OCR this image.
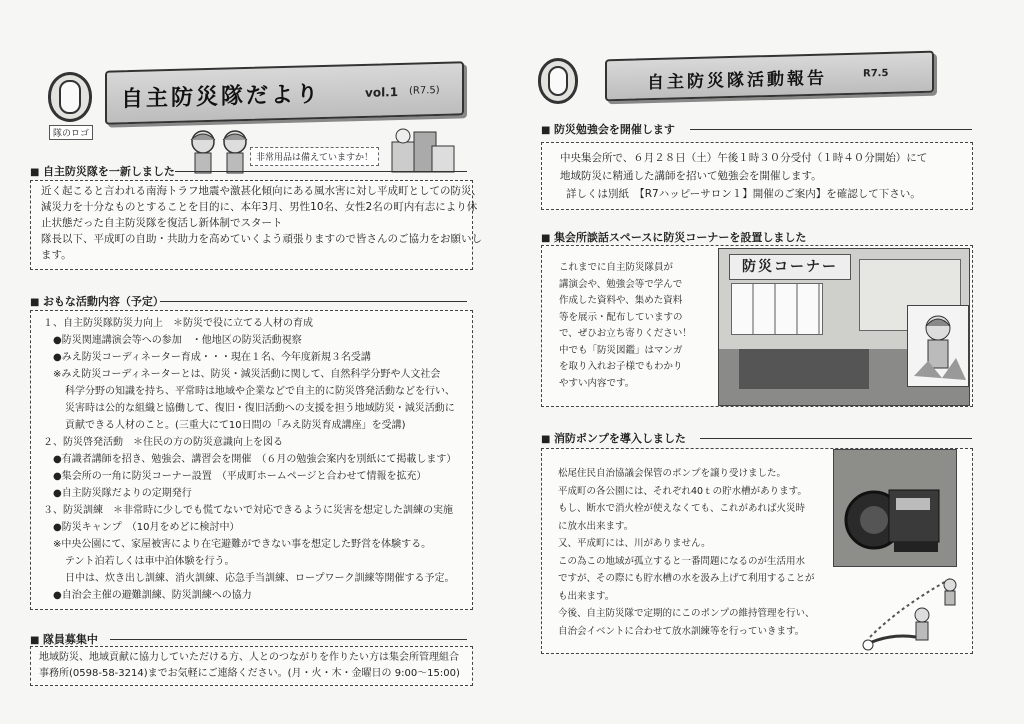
隊のロゴ
自主防災隊だより	vol.1 (R7.5)
非常用品は備えていますか！
■ 自主防災隊を一新しました
近く起こると言われる南海トラフ地震や激甚化傾向にある風水害に対し平成町としての防災、
減災力を十分なものとすることを目的に、本年3月、男性10名、女性2名の町内有志により休
止状態だった自主防災隊を復活し新体制でスタート
隊長以下、平成町の自助・共助力を高めていくよう頑張りますので皆さんのご協力をお願いし
ます。
■ おもな活動内容（予定）
１、自主防災隊防災力向上　＊防災で役に立てる人材の育成
●防災関連講演会等への参加　・他地区の防災活動視察
●みえ防災コーディネーター育成・・・現在１名、今年度新規３名受講
※みえ防災コーディネーターとは、防災・減災活動に関して、自然科学分野や人文社会
科学分野の知識を持ち、平常時は地域や企業などで自主的に防災啓発活動などを行い、
災害時は公的な組織と協働して、復旧・復旧活動への支援を担う地域防災・減災活動に
貢献できる人材のこと。(三重大にて10日間の「みえ防災育成講座」を受講)
２、防災啓発活動　＊住民の方の防災意識向上を図る
●有識者講師を招き、勉強会、講習会を開催　（６月の勉強会案内を別紙にて掲載します）
●集会所の一角に防災コーナー設置　（平成町ホームページと合わせて情報を拡充）
●自主防災隊だよりの定期発行
３、防災訓練　＊非常時に少しでも慌てないで対応できるように災害を想定した訓練の実施
●防災キャンプ　（10月をめどに検討中）
※中央公園にて、家屋被害により在宅避難ができない事を想定した野営を体験する。
テント泊若しくは車中泊体験を行う。
日中は、炊き出し訓練、消火訓練、応急手当訓練、ロープワーク訓練等開催する予定。
●自治会主催の避難訓練、防災訓練への協力
■ 隊員募集中
地域防災、地域貢献に協力していただける方、人とのつながりを作りたい方は集会所管理組合
事務所(0598-58-3214)までお気軽にご連絡ください。(月・火・木・金曜日の 9:00～15:00)
自主防災隊活動報告	R7.5
■ 防災勉強会を開催します
中央集会所で、６月２８日（土）午後１時３０分受付（１時４０分開始）にて
地域防災に精通した講師を招いて勉強会を開催します。
詳しくは別紙　【R7ハッピーサロン１】開催のご案内】を確認して下さい。
■ 集会所談話スペースに防災コーナーを設置しました
これまでに自主防災隊員が
講演会や、勉強会等で学んで
作成した資料や、集めた資料
等を展示・配布していますの
で、ぜひお立ち寄りください！
中でも「防災図鑑」はマンガ
を取り入れお子様でもわかり
やすい内容です。
防災コーナー
■ 消防ポンプを導入しました
松尾住民自治協議会保管のポンプを譲り受けました。
平成町の各公園には、それぞれ40ｔの貯水槽があります。
もし、断水で消火栓が使えなくても、これがあれば火災時
に放水出来ます。
又、平成町には、川がありません。
この為この地域が孤立すると一番問題になるのが生活用水
ですが、その際にも貯水槽の水を汲み上げて利用することが
も出来ます。
今後、自主防災隊で定期的にこのポンプの維持管理を行い、
自治会イベントに合わせて放水訓練等を行っていきます。
